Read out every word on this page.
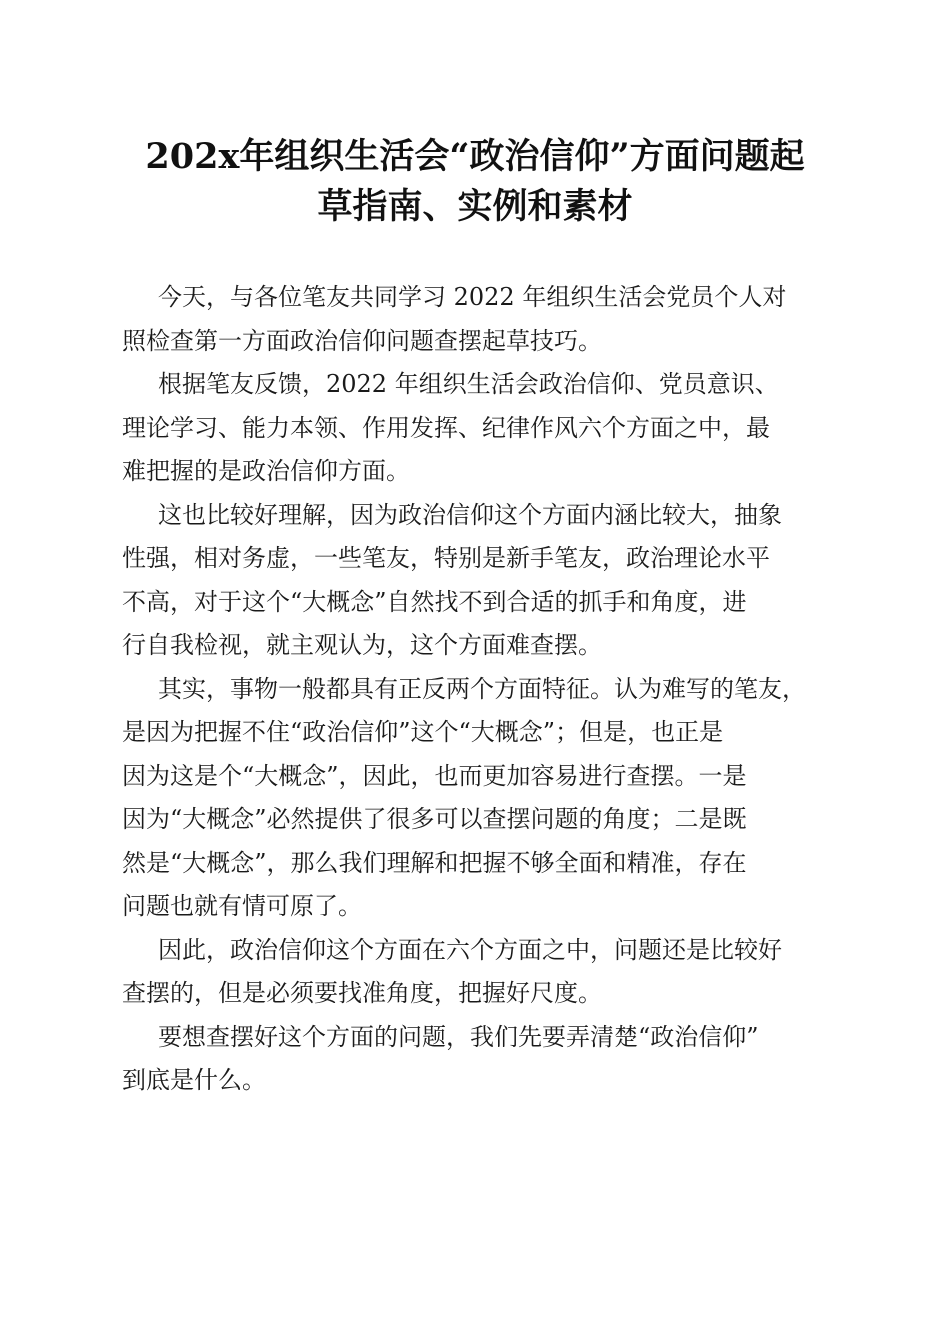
202x年组织生活会“政治信仰”方面问题起
草指南、实例和素材

今天，与各位笔友共同学习 2022 年组织生活会党员个人对
照检查第一方面政治信仰问题查摆起草技巧。

根据笔友反馈，2022 年组织生活会政治信仰、党员意识、
理论学习、能力本领、作用发挥、纪律作风六个方面之中，最
难把握的是政治信仰方面。

这也比较好理解，因为政治信仰这个方面内涵比较大，抽象
性强，相对务虚，一些笔友，特别是新手笔友，政治理论水平
不高，对于这个“大概念”自然找不到合适的抓手和角度，进
行自我检视，就主观认为，这个方面难查摆。

其实，事物一般都具有正反两个方面特征。认为难写的笔友，
是因为把握不住“政治信仰”这个“大概念”；但是，也正是
因为这是个“大概念”，因此，也而更加容易进行查摆。一是
因为“大概念”必然提供了很多可以查摆问题的角度；二是既
然是“大概念”，那么我们理解和把握不够全面和精准，存在
问题也就有情可原了。

因此，政治信仰这个方面在六个方面之中，问题还是比较好
查摆的，但是必须要找准角度，把握好尺度。

要想查摆好这个方面的问题，我们先要弄清楚“政治信仰”
到底是什么。
